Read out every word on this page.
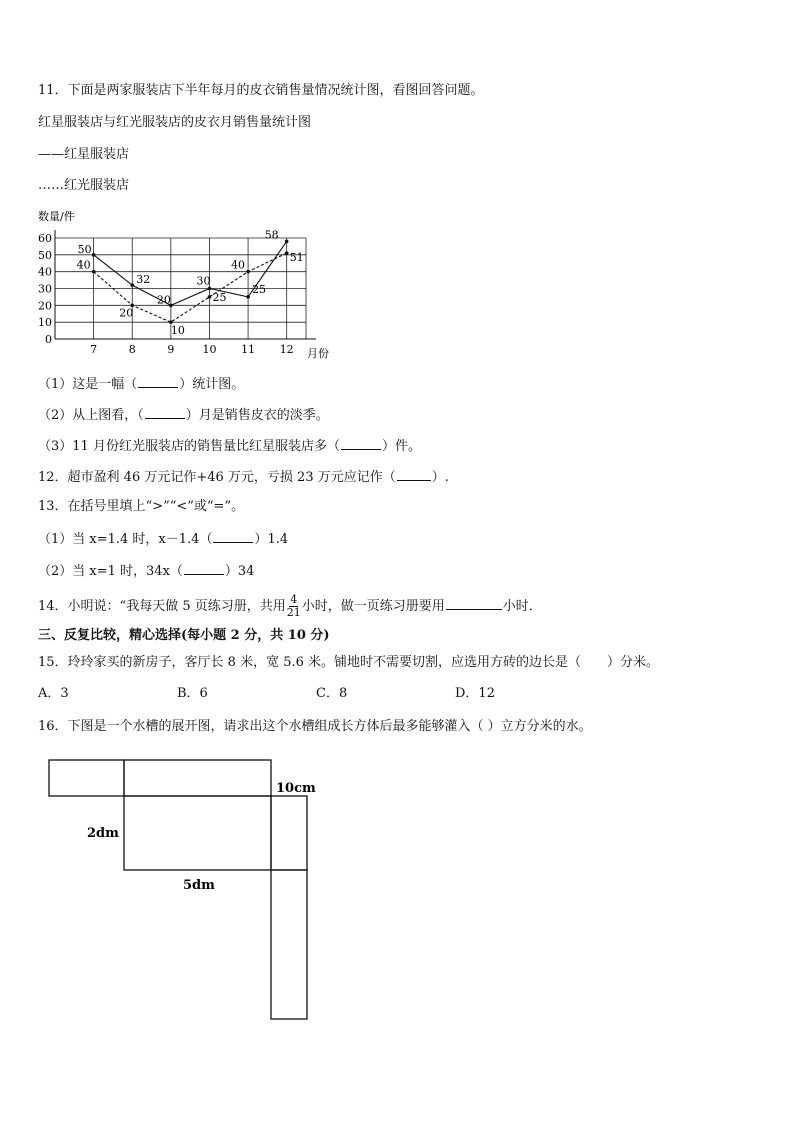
11．下面是两家服装店下半年每月的皮衣销售量情况统计图，看图回答问题。
红星服装店与红光服装店的皮衣月销售量统计图
——红星服装店
……红光服装店
数量/件
0
10
20
30
40
50
60
7	8	9	10 11 12
50
32
20
30
25
58
40
20
10
25
40
51
月份
（1）这是一幅（	）统计图。
（2）从上图看，（	）月是销售皮衣的淡季。
（3）11 月份红光服装店的销售量比红星服装店多（	）件。
12．超市盈利 46 万元记作+46 万元，亏损 23 万元应记作（	）.
13．在括号里填上“>”“<”或“=”。
（1）当 x=1.4 时，x－1.4（	）1.4
（2）当 x=1 时，34x（	）34
14．小明说：“我每天做 5 页练习册，共用 $\frac{4}{21}$ 小时，做一页练习册要用	小时．
三、反复比较，精心选择(每小题 2 分，共 10 分)
15．玲玲家买的新房子，客厅长 8 米，宽 5.6 米。铺地时不需要切割，应选用方砖的边长是（　　）分米。
A．3	B．6	C．8	D．12
16．下图是一个水槽的展开图，请求出这个水槽组成长方体后最多能够灌入（ ）立方分米的水。
10cm
2dm
5dm
